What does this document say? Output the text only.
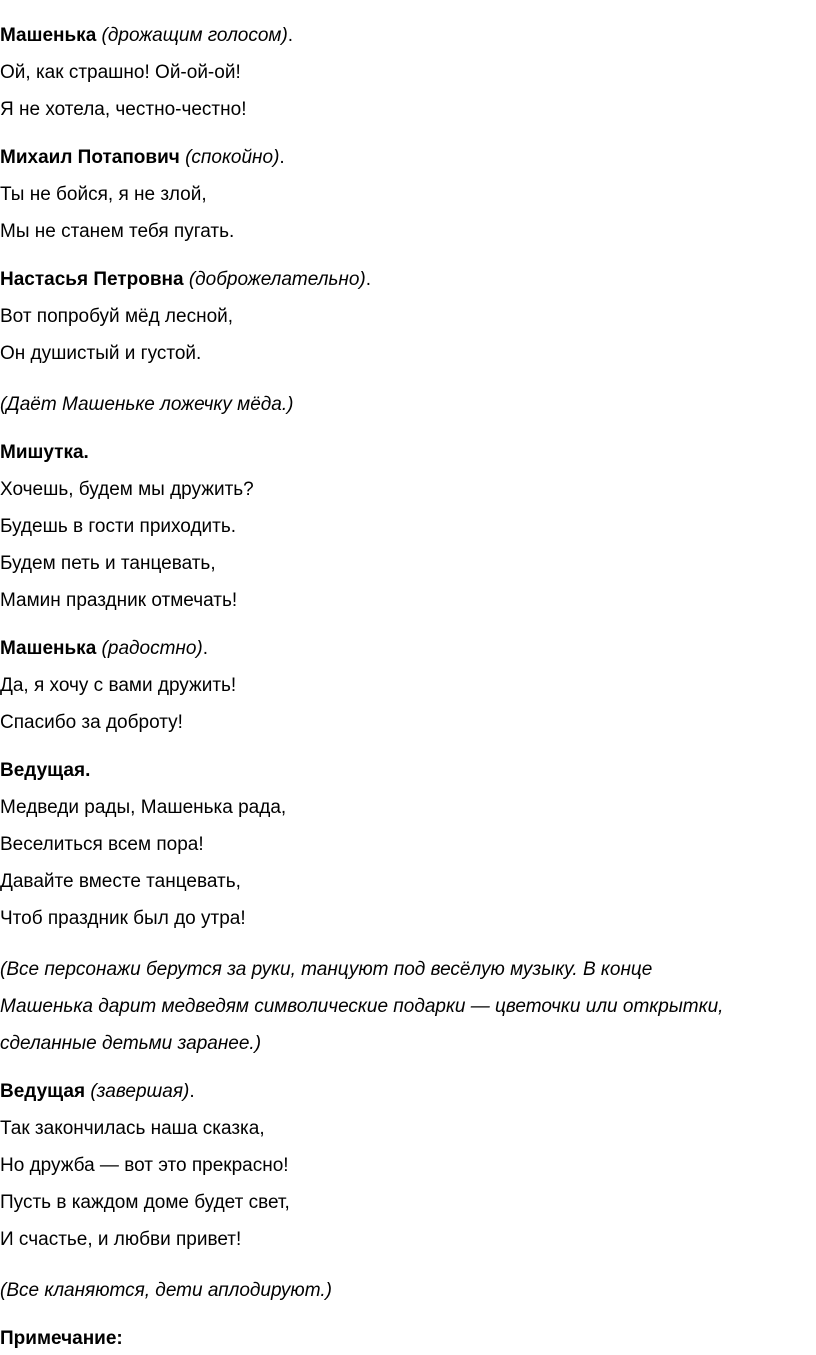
Машенька (дрожащим голосом).
Ой, как страшно! Ой-ой-ой!
Я не хотела, честно-честно!
Михаил Потапович (спокойно).
Ты не бойся, я не злой,
Мы не станем тебя пугать.
Настасья Петровна (доброжелательно).
Вот попробуй мёд лесной,
Он душистый и густой.
(Даёт Машеньке ложечку мёда.)
Мишутка.
Хочешь, будем мы дружить?
Будешь в гости приходить.
Будем петь и танцевать,
Мамин праздник отмечать!
Машенька (радостно).
Да, я хочу с вами дружить!
Спасибо за доброту!
Ведущая.
Медведи рады, Машенька рада,
Веселиться всем пора!
Давайте вместе танцевать,
Чтоб праздник был до утра!
(Все персонажи берутся за руки, танцуют под весёлую музыку. В конце
Машенька дарит медведям символические подарки — цветочки или открытки,
сделанные детьми заранее.)
Ведущая (завершая).
Так закончилась наша сказка,
Но дружба — вот это прекрасно!
Пусть в каждом доме будет свет,
И счастье, и любви привет!
(Все кланяются, дети аплодируют.)
Примечание:
